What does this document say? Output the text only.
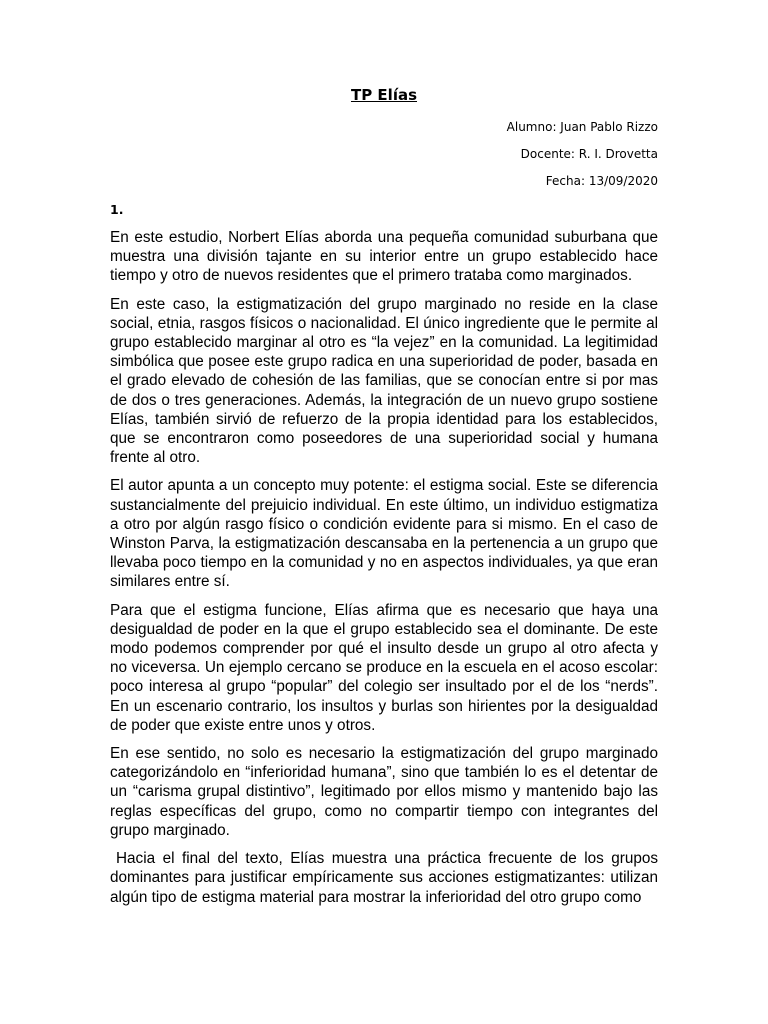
TP Elías
Alumno: Juan Pablo Rizzo
Docente: R. I. Drovetta
Fecha: 13/09/2020
1.

En este estudio, Norbert Elías aborda una pequeña comunidad suburbana que muestra una división tajante en su interior entre un grupo establecido hace tiempo y otro de nuevos residentes que el primero trataba como marginados.

En este caso, la estigmatización del grupo marginado no reside en la clase social, etnia, rasgos físicos o nacionalidad. El único ingrediente que le permite al grupo establecido marginar al otro es “la vejez” en la comunidad. La legitimidad simbólica que posee este grupo radica en una superioridad de poder, basada en el grado elevado de cohesión de las familias, que se conocían entre si por mas de dos o tres generaciones. Además, la integración de un nuevo grupo sostiene Elías, también sirvió de refuerzo de la propia identidad para los establecidos, que se encontraron como poseedores de una superioridad social y humana frente al otro.

El autor apunta a un concepto muy potente: el estigma social. Este se diferencia sustancialmente del prejuicio individual. En este último, un individuo estigmatiza a otro por algún rasgo físico o condición evidente para si mismo. En el caso de Winston Parva, la estigmatización descansaba en la pertenencia a un grupo que llevaba poco tiempo en la comunidad y no en aspectos individuales, ya que eran similares entre sí.

Para que el estigma funcione, Elías afirma que es necesario que haya una desigualdad de poder en la que el grupo establecido sea el dominante. De este modo podemos comprender por qué el insulto desde un grupo al otro afecta y no viceversa. Un ejemplo cercano se produce en la escuela en el acoso escolar: poco interesa al grupo “popular” del colegio ser insultado por el de los “nerds”. En un escenario contrario, los insultos y burlas son hirientes por la desigualdad de poder que existe entre unos y otros.

En ese sentido, no solo es necesario la estigmatización del grupo marginado categorizándolo en “inferioridad humana”, sino que también lo es el detentar de un “carisma grupal distintivo”, legitimado por ellos mismo y mantenido bajo las reglas específicas del grupo, como no compartir tiempo con integrantes del grupo marginado.

Hacia el final del texto, Elías muestra una práctica frecuente de los grupos dominantes para justificar empíricamente sus acciones estigmatizantes: utilizan algún tipo de estigma material para mostrar la inferioridad del otro grupo como
